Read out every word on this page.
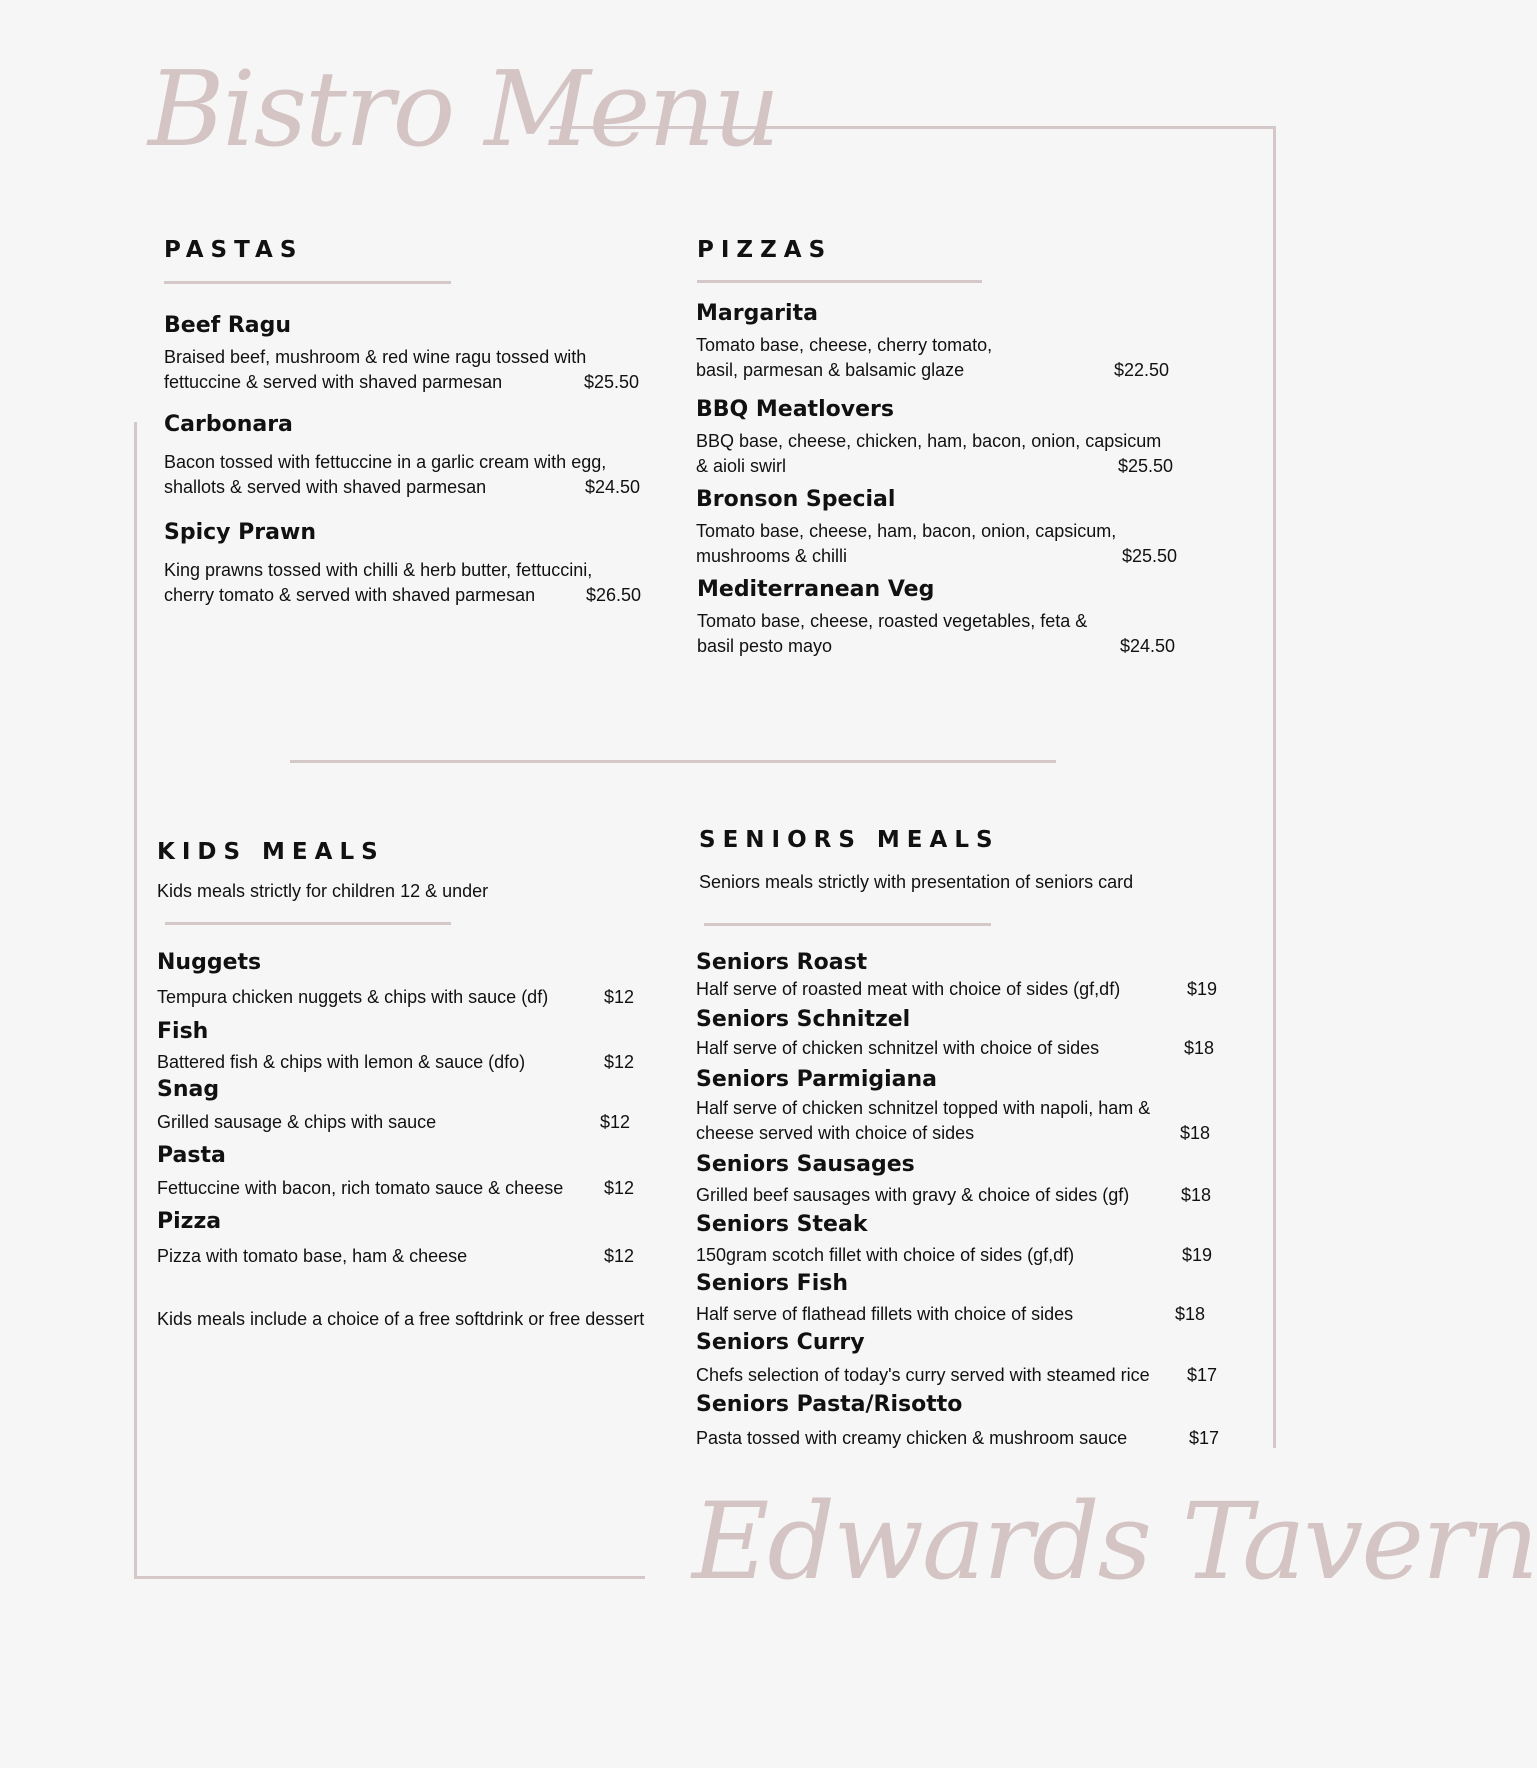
Bistro Menu
Edwards Tavern
PASTAS
Beef Ragu
Braised beef, mushroom & red wine ragu tossed with
fettuccine & served with shaved parmesan	$25.50
Carbonara
Bacon tossed with fettuccine in a garlic cream with egg,
shallots & served with shaved parmesan	$24.50
Spicy Prawn
King prawns tossed with chilli & herb butter, fettuccini,
cherry tomato & served with shaved parmesan	$26.50
PIZZAS
Margarita
Tomato base, cheese, cherry tomato,
basil, parmesan & balsamic glaze	$22.50
BBQ Meatlovers
BBQ base, cheese, chicken, ham, bacon, onion, capsicum
& aioli swirl	$25.50
Bronson Special
Tomato base, cheese, ham, bacon, onion, capsicum,
mushrooms & chilli	$25.50
Mediterranean Veg
Tomato base, cheese, roasted vegetables, feta &
basil pesto mayo	$24.50
KIDS MEALS
Kids meals strictly for children 12 & under
Nuggets
Tempura chicken nuggets & chips with sauce (df)	$12
Fish
Battered fish & chips with lemon & sauce (dfo)	$12
Snag
Grilled sausage & chips with sauce	$12
Pasta
Fettuccine with bacon, rich tomato sauce & cheese	$12
Pizza
Pizza with tomato base, ham & cheese	$12
Kids meals include a choice of a free softdrink or free dessert
SENIORS MEALS
Seniors meals strictly with presentation of seniors card
Seniors Roast
Half serve of roasted meat with choice of sides (gf,df)	$19
Seniors Schnitzel
Half serve of chicken schnitzel with choice of sides	$18
Seniors Parmigiana
Half serve of chicken schnitzel topped with napoli, ham &
cheese served with choice of sides	$18
Seniors Sausages
Grilled beef sausages with gravy & choice of sides (gf)	$18
Seniors Steak
150gram scotch fillet with choice of sides (gf,df)	$19
Seniors Fish
Half serve of flathead fillets with choice of sides	$18
Seniors Curry
Chefs selection of today's curry served with steamed rice	$17
Seniors Pasta/Risotto
Pasta tossed with creamy chicken & mushroom sauce	$17
